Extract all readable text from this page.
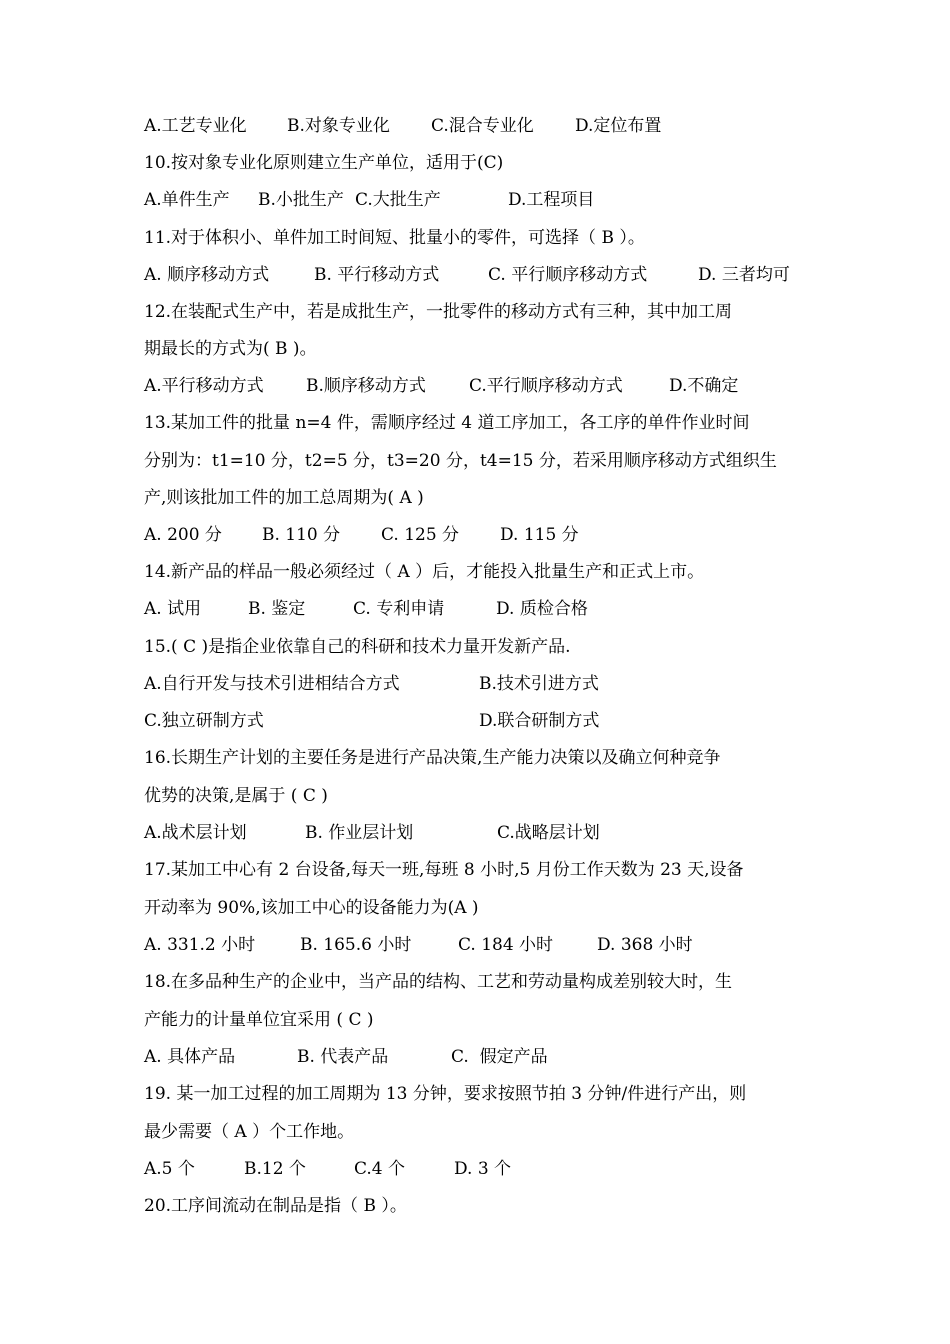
A.工艺专业化 B.对象专业化 C.混合专业化 D.定位布置
10.按对象专业化原则建立生产单位，适用于(C)
A.单件生产 B.小批生产 C.大批生产	D.工程项目
11.对于体积小、单件加工时间短、批量小的零件，可选择（ B ）。
A. 顺序移动方式	B. 平行移动方式	C. 平行顺序移动方式	D. 三者均可
12.在装配式生产中，若是成批生产，一批零件的移动方式有三种，其中加工周
期最长的方式为( B )。
A.平行移动方式 B.顺序移动方式	C.平行顺序移动方式	D.不确定
13.某加工件的批量 n=4 件，需顺序经过 4 道工序加工，各工序的单件作业时间
分别为：t1=10 分，t2=5 分，t3=20 分，t4=15 分，若采用顺序移动方式组织生
产,则该批加工件的加工总周期为( A )
A. 200 分 B. 110 分 C. 125 分 D. 115 分
14.新产品的样品一般必须经过（ A ）后，才能投入批量生产和正式上市。
A. 试用	B. 鉴定	C. 专利申请	D. 质检合格
15.( C )是指企业依靠自己的科研和技术力量开发新产品.
A.自行开发与技术引进相结合方式	B.技术引进方式
C.独立研制方式	D.联合研制方式
16.长期生产计划的主要任务是进行产品决策,生产能力决策以及确立何种竞争
优势的决策,是属于 ( C )
A.战术层计划	B. 作业层计划	C.战略层计划
17.某加工中心有 2 台设备,每天一班,每班 8 小时,5 月份工作天数为 23 天,设备
开动率为 90%,该加工中心的设备能力为(A )
A. 331.2 小时	B. 165.6 小时	C. 184 小时	D. 368 小时
18.在多品种生产的企业中，当产品的结构、工艺和劳动量构成差别较大时，生
产能力的计量单位宜采用 ( C )
A. 具体产品	B. 代表产品	C.  假定产品
19. 某一加工过程的加工周期为 13 分钟，要求按照节拍 3 分钟/件进行产出，则
最少需要（ A ）个工作地。
A.5 个	B.12 个	C.4 个	D. 3 个
20.工序间流动在制品是指（ B ）。
